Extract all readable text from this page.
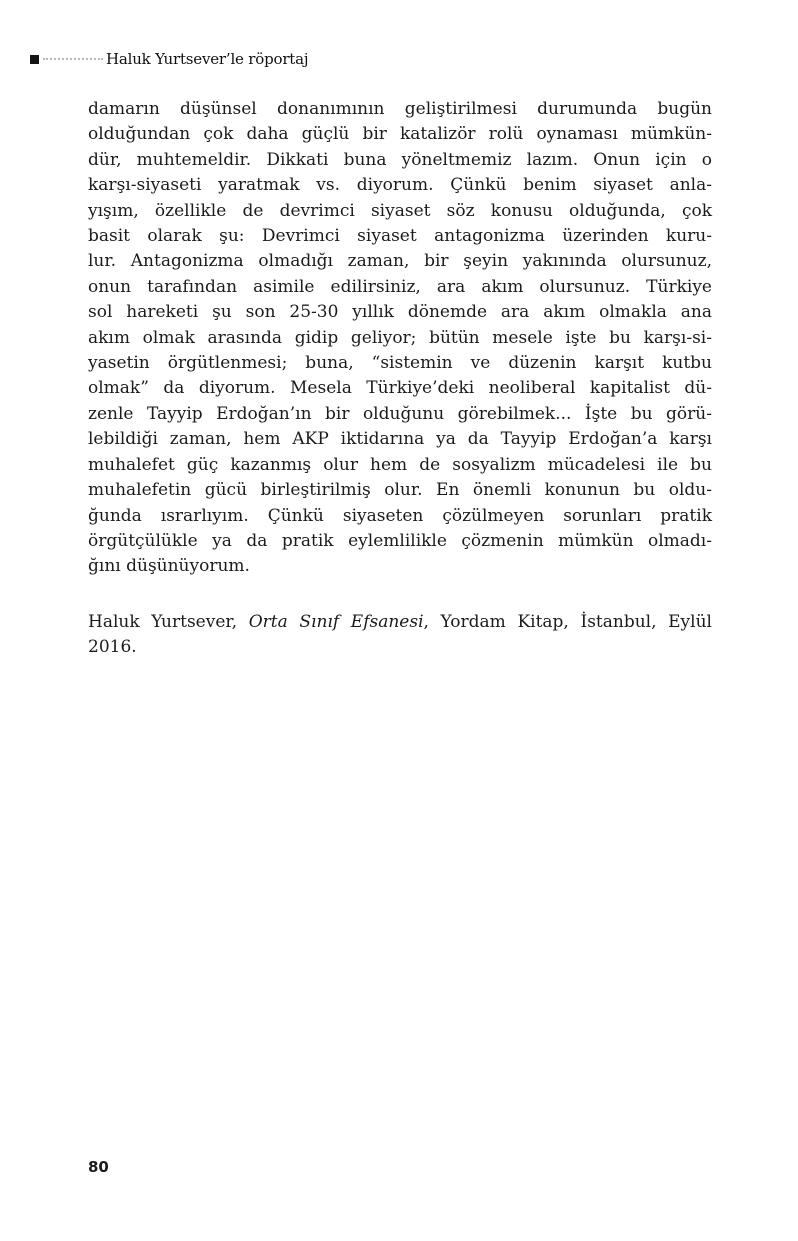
Haluk Yurtsever’le röportaj
damarın düşünsel donanımının geliştirilmesi durumunda bugün
olduğundan çok daha güçlü bir katalizör rolü oynaması mümkün-
dür, muhtemeldir. Dikkati buna yöneltmemiz lazım. Onun için o
karşı-siyaseti yaratmak vs. diyorum. Çünkü benim siyaset anla-
yışım, özellikle de devrimci siyaset söz konusu olduğunda, çok
basit olarak şu: Devrimci siyaset antagonizma üzerinden kuru-
lur. Antagonizma olmadığı zaman, bir şeyin yakınında olursunuz,
onun tarafından asimile edilirsiniz, ara akım olursunuz. Türkiye
sol hareketi şu son 25-30 yıllık dönemde ara akım olmakla ana
akım olmak arasında gidip geliyor; bütün mesele işte bu karşı-si-
yasetin örgütlenmesi; buna, “sistemin ve düzenin karşıt kutbu
olmak” da diyorum. Mesela Türkiye’deki neoliberal kapitalist dü-
zenle Tayyip Erdoğan’ın bir olduğunu görebilmek... İşte bu görü-
lebildiği zaman, hem AKP iktidarına ya da Tayyip Erdoğan’a karşı
muhalefet güç kazanmış olur hem de sosyalizm mücadelesi ile bu
muhalefetin gücü birleştirilmiş olur. En önemli konunun bu oldu-
ğunda ısrarlıyım. Çünkü siyaseten çözülmeyen sorunları pratik
örgütçülükle ya da pratik eylemlilikle çözmenin mümkün olmadı-
ğını düşünüyorum.
Haluk Yurtsever, Orta Sınıf Efsanesi, Yordam Kitap, İstanbul, Eylül 2016.
80
